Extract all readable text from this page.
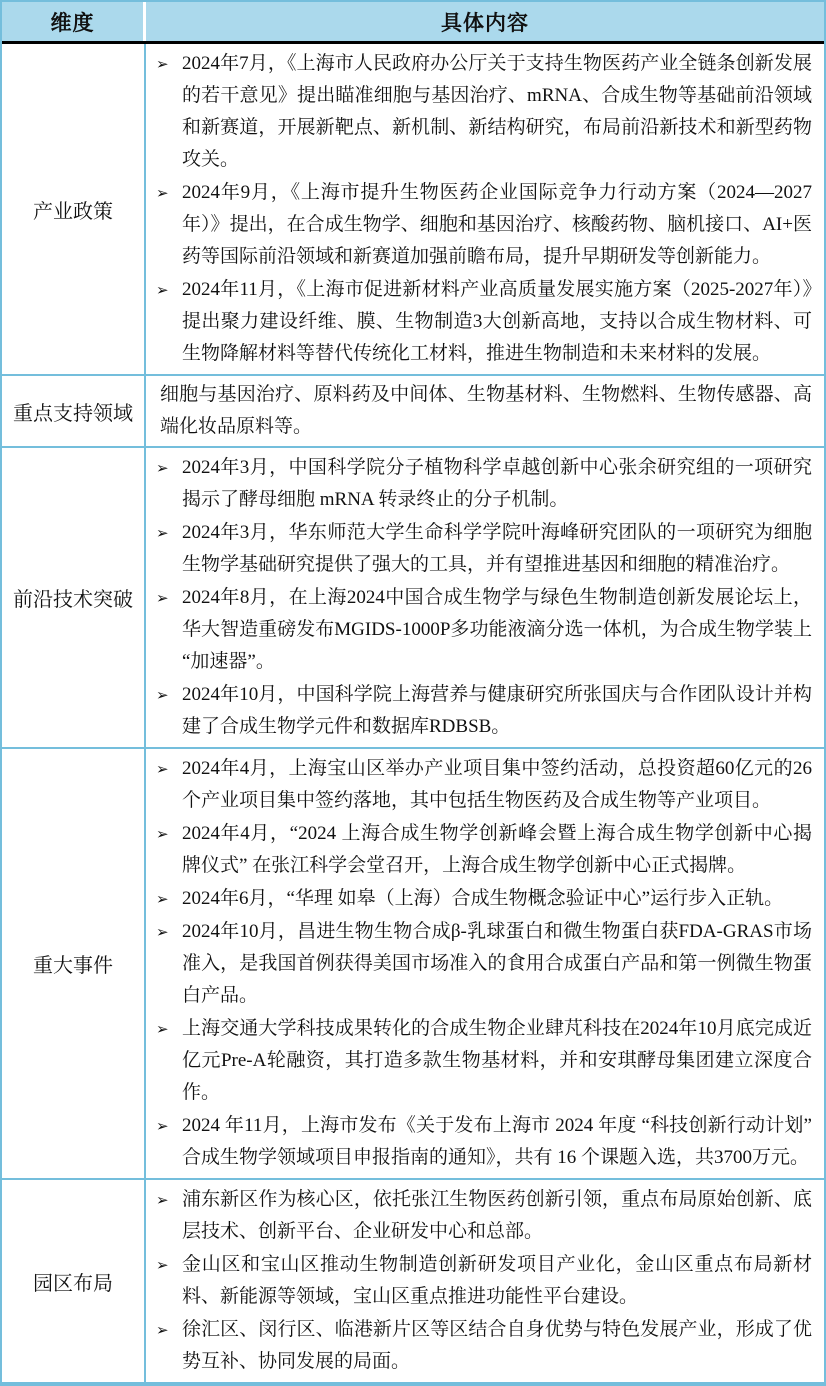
维度	具体内容
产业政策
➢ 2024年7月，《上海市人民政府办公厅关于支持生物医药产业全链条创新发展的若干意见》提出瞄准细胞与基因治疗、mRNA、合成生物等基础前沿领域和新赛道，开展新靶点、新机制、新结构研究，布局前沿新技术和新型药物攻关。
➢ 2024年9月，《上海市提升生物医药企业国际竞争力行动方案（2024—2027年）》提出，在合成生物学、细胞和基因治疗、核酸药物、脑机接口、AI+医药等国际前沿领域和新赛道加强前瞻布局，提升早期研发等创新能力。
➢ 2024年11月，《上海市促进新材料产业高质量发展实施方案（2025-2027年）》提出聚力建设纤维、膜、生物制造3大创新高地，支持以合成生物材料、可生物降解材料等替代传统化工材料，推进生物制造和未来材料的发展。
重点支持领域
细胞与基因治疗、原料药及中间体、生物基材料、生物燃料、生物传感器、高端化妆品原料等。
前沿技术突破
➢ 2024年3月，中国科学院分子植物科学卓越创新中心张余研究组的一项研究揭示了酵母细胞 mRNA 转录终止的分子机制。
➢ 2024年3月，华东师范大学生命科学学院叶海峰研究团队的一项研究为细胞生物学基础研究提供了强大的工具，并有望推进基因和细胞的精准治疗。
➢ 2024年8月，在上海2024中国合成生物学与绿色生物制造创新发展论坛上，华大智造重磅发布MGIDS-1000P多功能液滴分选一体机，为合成生物学装上“加速器”。
➢ 2024年10月，中国科学院上海营养与健康研究所张国庆与合作团队设计并构建了合成生物学元件和数据库RDBSB。
重大事件
➢ 2024年4月，上海宝山区举办产业项目集中签约活动，总投资超60亿元的26个产业项目集中签约落地，其中包括生物医药及合成生物等产业项目。
➢ 2024年4月，“2024 上海合成生物学创新峰会暨上海合成生物学创新中心揭牌仪式” 在张江科学会堂召开，上海合成生物学创新中心正式揭牌。
➢ 2024年6月，“华理 如皋（上海）合成生物概念验证中心”运行步入正轨。
➢ 2024年10月，昌进生物生物合成β-乳球蛋白和微生物蛋白获FDA-GRAS市场准入，是我国首例获得美国市场准入的食用合成蛋白产品和第一例微生物蛋白产品。
➢ 上海交通大学科技成果转化的合成生物企业肆芃科技在2024年10月底完成近亿元Pre-A轮融资，其打造多款生物基材料，并和安琪酵母集团建立深度合作。
➢ 2024 年11月，上海市发布《关于发布上海市 2024 年度 “科技创新行动计划”合成生物学领域项目申报指南的通知》，共有 16 个课题入选，共3700万元。
园区布局
➢ 浦东新区作为核心区，依托张江生物医药创新引领，重点布局原始创新、底层技术、创新平台、企业研发中心和总部。
➢ 金山区和宝山区推动生物制造创新研发项目产业化，金山区重点布局新材料、新能源等领域，宝山区重点推进功能性平台建设。
➢ 徐汇区、闵行区、临港新片区等区结合自身优势与特色发展产业，形成了优势互补、协同发展的局面。
